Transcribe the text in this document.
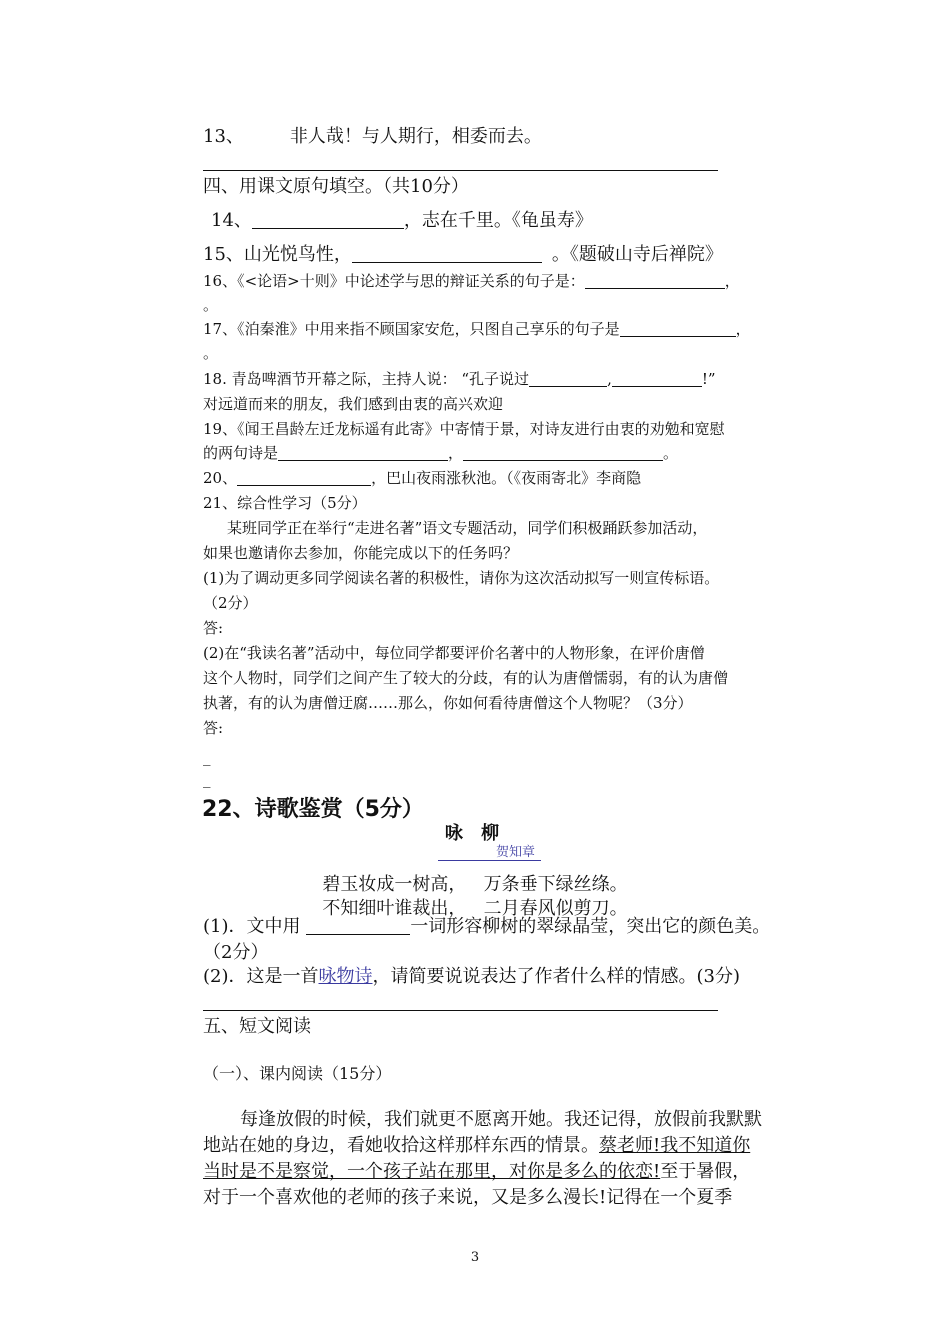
13、	非人哉！与人期行，相委而去。
四、用课文原句填空。（共10分）
14、	，志在千里。《龟虽寿》
15、山光悦鸟性，	。《题破山寺后禅院》
16、《<论语>十则》中论述学与思的辩证关系的句子是：	，
。
17、《泊秦淮》中用来指不顾国家安危，只图自己享乐的句子是	，
。
18. 青岛啤酒节开幕之际，主持人说： “孔子说过	,	!”
对远道而来的朋友，我们感到由衷的高兴欢迎
19、《闻王昌龄左迁龙标遥有此寄》中寄情于景，对诗友进行由衷的劝勉和宽慰
的两句诗是	，	。
20、	，巴山夜雨涨秋池。（《夜雨寄北》李商隐
21、综合性学习（5分）
某班同学正在举行“走进名著”语文专题活动，同学们积极踊跃参加活动，
如果也邀请你去参加，你能完成以下的任务吗？
(1)为了调动更多同学阅读名著的积极性，请你为这次活动拟写一则宣传标语。
（2分）
答:
(2)在“我读名著”活动中，每位同学都要评价名著中的人物形象，在评价唐僧
这个人物时，同学们之间产生了较大的分歧，有的认为唐僧懦弱，有的认为唐僧
执著，有的认为唐僧迂腐……那么，你如何看待唐僧这个人物呢？（3分）
答:
_
_
22、诗歌鉴赏（5分）
咏 柳
贺知章
碧玉妆成一树高，   万条垂下绿丝绦。
不知细叶谁裁出，   二月春风似剪刀。
(1)．文中用	一词形容柳树的翠绿晶莹，突出它的颜色美。
（2分）
(2)．这是一首咏物诗，请简要说说表达了作者什么样的情感。(3分)
五、短文阅读
（一）、课内阅读（15分）
每逢放假的时候，我们就更不愿离开她。我还记得，放假前我默默
地站在她的身边，看她收拾这样那样东西的情景。蔡老师!我不知道你
当时是不是察觉，一个孩子站在那里，对你是多么的依恋!至于暑假，
对于一个喜欢他的老师的孩子来说，又是多么漫长!记得在一个夏季
3
